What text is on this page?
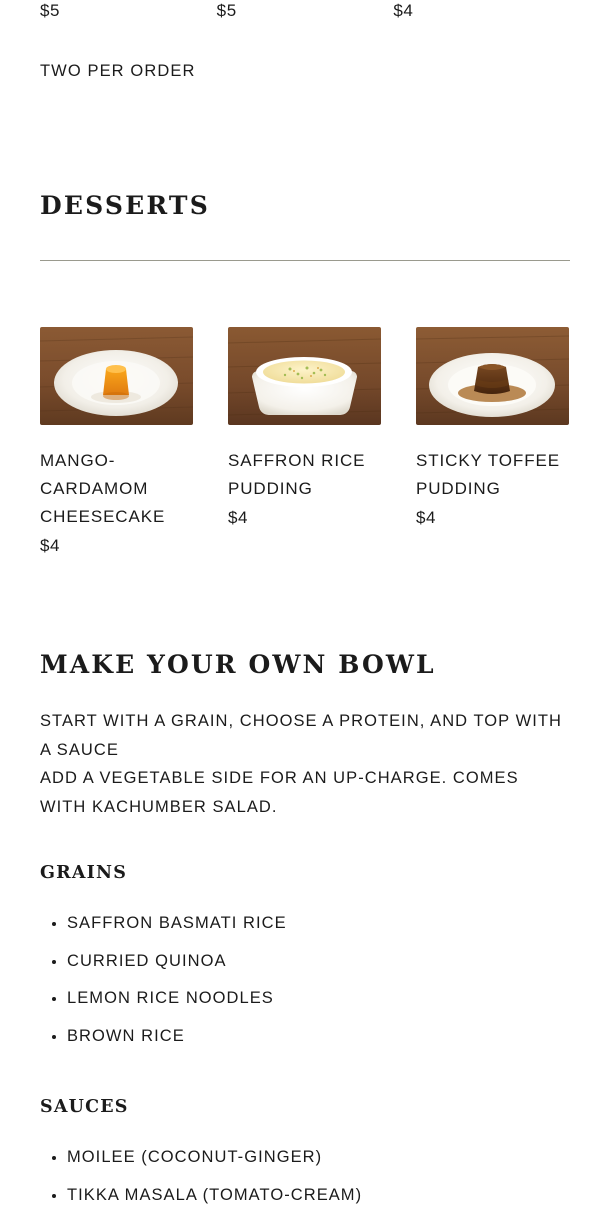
$5	$5	$4
TWO PER ORDER
DESSERTS
MANGO-CARDAMOM CHEESECAKE
$4
SAFFRON RICE PUDDING
$4
STICKY TOFFEE PUDDING
$4
MAKE YOUR OWN BOWL

START WITH A GRAIN, CHOOSE A PROTEIN, AND TOP WITH A SAUCE

ADD A VEGETABLE SIDE FOR AN UP-CHARGE. COMES WITH KACHUMBER SALAD.

GRAINS
SAFFRON BASMATI RICE
CURRIED QUINOA
LEMON RICE NOODLES
BROWN RICE
SAUCES
MOILEE (COCONUT-GINGER)
TIKKA MASALA (TOMATO-CREAM)
